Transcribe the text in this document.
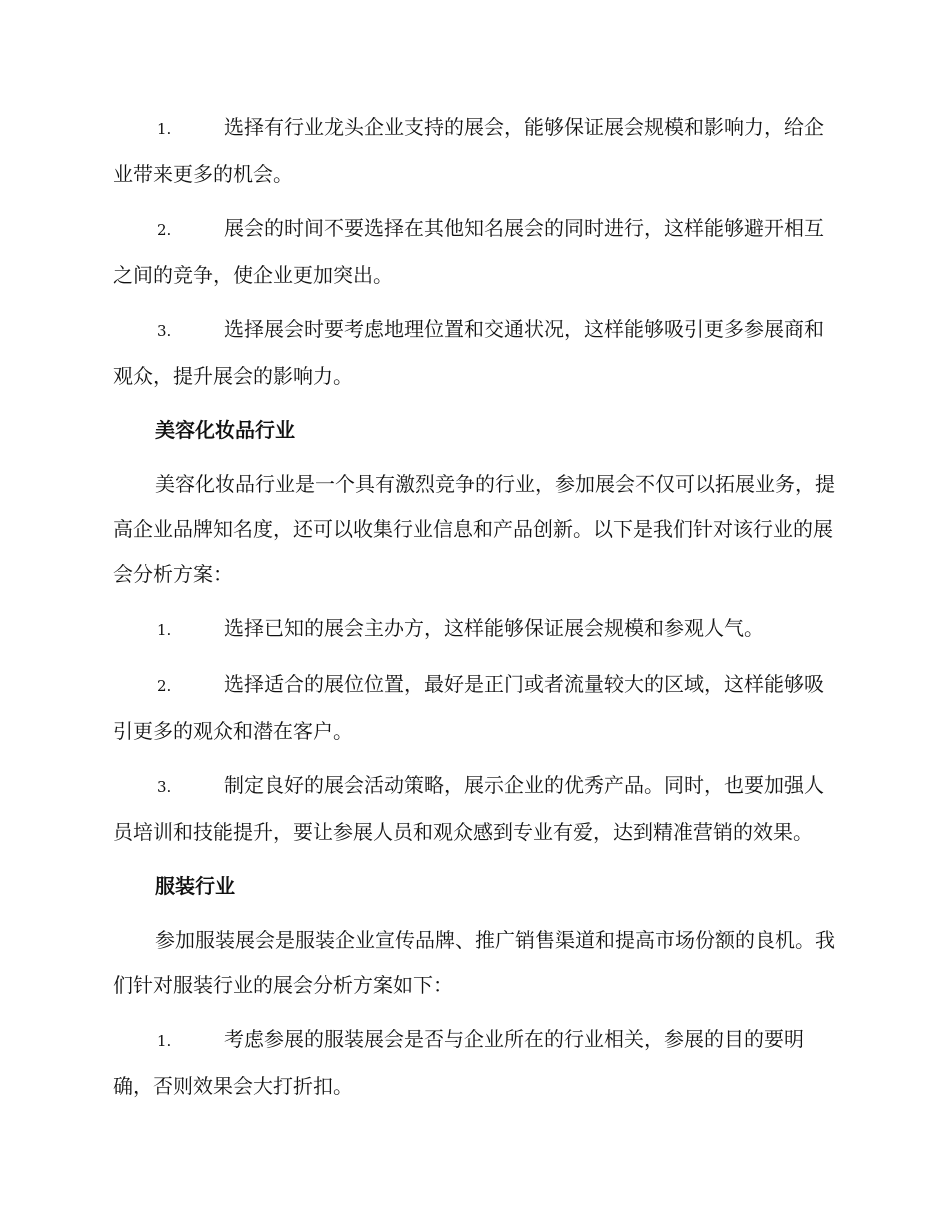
1.	选择有行业龙头企业支持的展会，能够保证展会规模和影响力，给企业带来更多的机会。
2.	展会的时间不要选择在其他知名展会的同时进行，这样能够避开相互之间的竞争，使企业更加突出。
3.	选择展会时要考虑地理位置和交通状况，这样能够吸引更多参展商和观众，提升展会的影响力。
美容化妆品行业
美容化妆品行业是一个具有激烈竞争的行业，参加展会不仅可以拓展业务，提高企业品牌知名度，还可以收集行业信息和产品创新。以下是我们针对该行业的展会分析方案：
1.	选择已知的展会主办方，这样能够保证展会规模和参观人气。
2.	选择适合的展位位置，最好是正门或者流量较大的区域，这样能够吸引更多的观众和潜在客户。
3.	制定良好的展会活动策略，展示企业的优秀产品。同时，也要加强人员培训和技能提升，要让参展人员和观众感到专业有爱，达到精准营销的效果。
服装行业
参加服装展会是服装企业宣传品牌、推广销售渠道和提高市场份额的良机。我们针对服装行业的展会分析方案如下：
1.	考虑参展的服装展会是否与企业所在的行业相关，参展的目的要明确，否则效果会大打折扣。
